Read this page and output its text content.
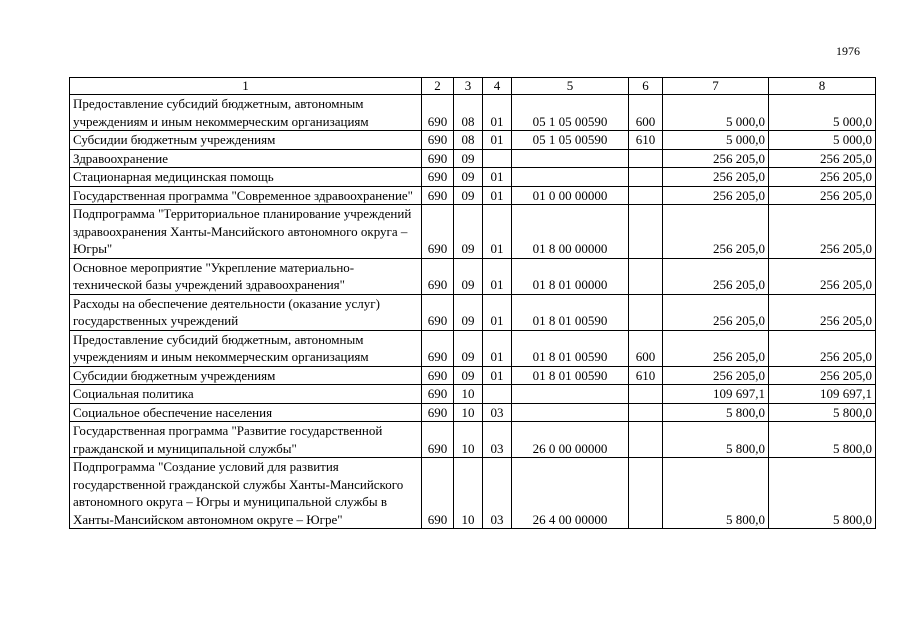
1976
1	2	3	4	5	6	7	8
Предоставление субсидий бюджетным, автономным учреждениям и иным некоммерческим организациям	690	08	01	05 1 05 00590	600	5 000,0	5 000,0
Субсидии бюджетным учреждениям	690	08	01	05 1 05 00590	610	5 000,0	5 000,0
Здравоохранение	690	09				256 205,0	256 205,0
Стационарная медицинская помощь	690	09	01			256 205,0	256 205,0
Государственная программа "Современное здравоохранение"	690	09	01	01 0 00 00000		256 205,0	256 205,0
Подпрограмма "Территориальное планирование учреждений здравоохранения Ханты-Мансийского автономного округа – Югры"	690	09	01	01 8 00 00000		256 205,0	256 205,0
Основное мероприятие "Укрепление материально-технической базы учреждений здравоохранения"	690	09	01	01 8 01 00000		256 205,0	256 205,0
Расходы на обеспечение деятельности (оказание услуг) государственных учреждений	690	09	01	01 8 01 00590		256 205,0	256 205,0
Предоставление субсидий бюджетным, автономным учреждениям и иным некоммерческим организациям	690	09	01	01 8 01 00590	600	256 205,0	256 205,0
Субсидии бюджетным учреждениям	690	09	01	01 8 01 00590	610	256 205,0	256 205,0
Социальная политика	690	10				109 697,1	109 697,1
Социальное обеспечение населения	690	10	03			5 800,0	5 800,0
Государственная программа "Развитие государственной гражданской и муниципальной службы"	690	10	03	26 0 00 00000		5 800,0	5 800,0
Подпрограмма "Создание условий для развития государственной гражданской службы Ханты-Мансийского автономного округа – Югры и муниципальной службы в Ханты-Мансийском автономном округе – Югре"	690	10	03	26 4 00 00000		5 800,0	5 800,0
